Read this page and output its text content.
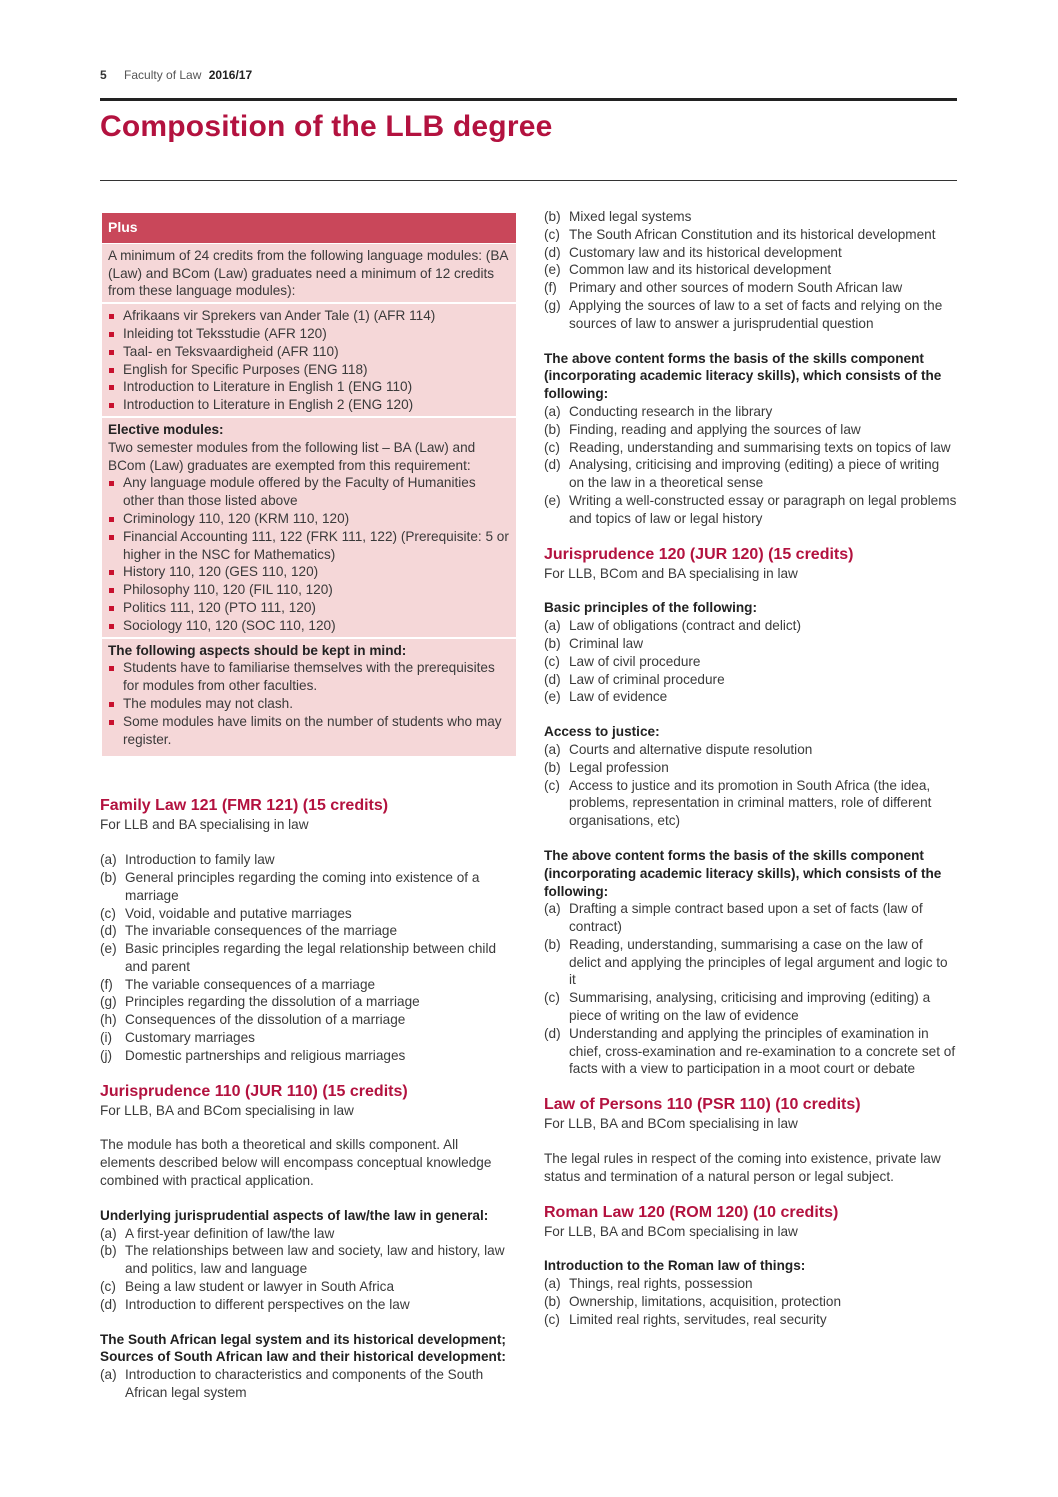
5 Faculty of Law 2016/17
Composition of the LLB degree
Plus

A minimum of 24 credits from the following language modules: (BA (Law) and BCom (Law) graduates need a minimum of 12 credits from these language modules):

Afrikaans vir Sprekers van Ander Tale (1) (AFR 114)
Inleiding tot Teksstudie (AFR 120)
Taal- en Teksvaardigheid (AFR 110)
English for Specific Purposes (ENG 118)
Introduction to Literature in English 1 (ENG 110)
Introduction to Literature in English 2 (ENG 120)

Elective modules:

Two semester modules from the following list – BA (Law) and BCom (Law) graduates are exempted from this requirement:

Any language module offered by the Faculty of Humanities other than those listed above
Criminology 110, 120 (KRM 110, 120)
Financial Accounting 111, 122 (FRK 111, 122) (Prerequisite: 5 or higher in the NSC for Mathematics)
History 110, 120 (GES 110, 120)
Philosophy 110, 120 (FIL 110, 120)
Politics 111, 120 (PTO 111, 120)
Sociology 110, 120 (SOC 110, 120)

The following aspects should be kept in mind:

Students have to familiarise themselves with the prerequisites for modules from other faculties.
The modules may not clash.
Some modules have limits on the number of students who may register.
Family Law 121 (FMR 121) (15 credits)

For LLB and BA specialising in law

(a) Introduction to family law
(b) General principles regarding the coming into existence of a marriage
(c) Void, voidable and putative marriages
(d) The invariable consequences of the marriage
(e) Basic principles regarding the legal relationship between child and parent
(f) The variable consequences of a marriage
(g) Principles regarding the dissolution of a marriage
(h) Consequences of the dissolution of a marriage
(i) Customary marriages
(j) Domestic partnerships and religious marriages
Jurisprudence 110 (JUR 110) (15 credits)

For LLB, BA and BCom specialising in law

The module has both a theoretical and skills component. All elements described below will encompass conceptual knowledge combined with practical application.

Underlying jurisprudential aspects of law/the law in general:

(a) A first-year definition of law/the law
(b) The relationships between law and society, law and history, law and politics, law and language
(c) Being a law student or lawyer in South Africa
(d) Introduction to different perspectives on the law

The South African legal system and its historical development; Sources of South African law and their historical development:

(a) Introduction to characteristics and components of the South African legal system
(b) Mixed legal systems
(c) The South African Constitution and its historical development
(d) Customary law and its historical development
(e) Common law and its historical development
(f) Primary and other sources of modern South African law
(g) Applying the sources of law to a set of facts and relying on the sources of law to answer a jurisprudential question

The above content forms the basis of the skills component (incorporating academic literacy skills), which consists of the following:

(a) Conducting research in the library
(b) Finding, reading and applying the sources of law
(c) Reading, understanding and summarising texts on topics of law
(d) Analysing, criticising and improving (editing) a piece of writing on the law in a theoretical sense
(e) Writing a well-constructed essay or paragraph on legal problems and topics of law or legal history
Jurisprudence 120 (JUR 120) (15 credits)

For LLB, BCom and BA specialising in law

Basic principles of the following:

(a) Law of obligations (contract and delict)
(b) Criminal law
(c) Law of civil procedure
(d) Law of criminal procedure
(e) Law of evidence

Access to justice:

(a) Courts and alternative dispute resolution
(b) Legal profession
(c) Access to justice and its promotion in South Africa (the idea, problems, representation in criminal matters, role of different organisations, etc)

The above content forms the basis of the skills component (incorporating academic literacy skills), which consists of the following:

(a) Drafting a simple contract based upon a set of facts (law of contract)
(b) Reading, understanding, summarising a case on the law of delict and applying the principles of legal argument and logic to it
(c) Summarising, analysing, criticising and improving (editing) a piece of writing on the law of evidence
(d) Understanding and applying the principles of examination in chief, cross-examination and re-examination to a concrete set of facts with a view to participation in a moot court or debate
Law of Persons 110 (PSR 110) (10 credits)

For LLB, BA and BCom specialising in law

The legal rules in respect of the coming into existence, private law status and termination of a natural person or legal subject.

Roman Law 120 (ROM 120) (10 credits)

For LLB, BA and BCom specialising in law

Introduction to the Roman law of things:

(a) Things, real rights, possession
(b) Ownership, limitations, acquisition, protection
(c) Limited real rights, servitudes, real security
